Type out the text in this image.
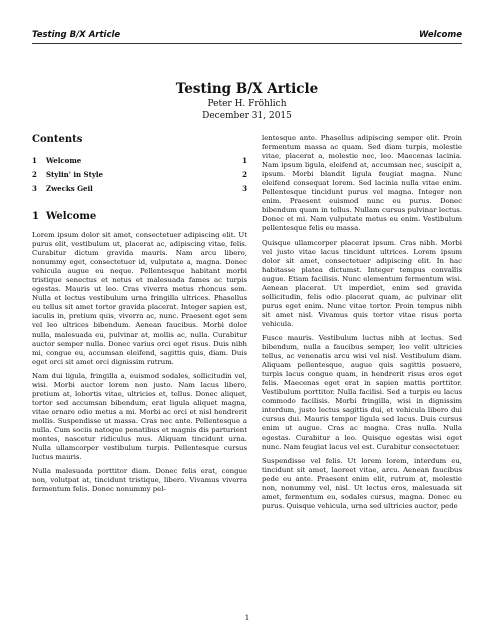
Testing B/X Article	Welcome
Testing B/X Article
Peter H. Fröhlich
December 31, 2015
Contents
1 Welcome	1
2 Stylin' in Style	2
3 Zwecks Geil	3
1 Welcome

Lorem ipsum dolor sit amet, consectetuer adipiscing elit. Ut purus elit, vestibulum ut, placerat ac, adipiscing vitae, felis. Curabitur dictum gravida mauris. Nam arcu libero, nonummy eget, consectetuer id, vulputate a, magna. Donec vehicula augue eu neque. Pellentesque habitant morbi tristique senectus et netus et malesuada fames ac turpis egestas. Mauris ut leo. Cras viverra metus rhoncus sem. Nulla et lectus vestibulum urna fringilla ultrices. Phasellus eu tellus sit amet tortor gravida placerat. Integer sapien est, iaculis in, pretium quis, viverra ac, nunc. Praesent eget sem vel leo ultrices bibendum. Aenean faucibus. Morbi dolor nulla, malesuada eu, pulvinar at, mollis ac, nulla. Curabitur auctor semper nulla. Donec varius orci eget risus. Duis nibh mi, congue eu, accumsan eleifend, sagittis quis, diam. Duis eget orci sit amet orci dignissim rutrum.

Nam dui ligula, fringilla a, euismod sodales, sollicitudin vel, wisi. Morbi auctor lorem non justo. Nam lacus libero, pretium at, lobortis vitae, ultricies et, tellus. Donec aliquet, tortor sed accumsan bibendum, erat ligula aliquet magna, vitae ornare odio metus a mi. Morbi ac orci et nisl hendrerit mollis. Suspendisse ut massa. Cras nec ante. Pellentesque a nulla. Cum sociis natoque penatibus et magnis dis parturient montes, nascetur ridiculus mus. Aliquam tincidunt urna. Nulla ullamcorper vestibulum turpis. Pellentesque cursus luctus mauris.

Nulla malesuada porttitor diam. Donec felis erat, congue non, volutpat at, tincidunt tristique, libero. Vivamus viverra fermentum felis. Donec nonummy pel-

lentesque ante. Phasellus adipiscing semper elit. Proin fermentum massa ac quam. Sed diam turpis, molestie vitae, placerat a, molestie nec, leo. Maecenas lacinia. Nam ipsum ligula, eleifend at, accumsan nec, suscipit a, ipsum. Morbi blandit ligula feugiat magna. Nunc eleifend consequat lorem. Sed lacinia nulla vitae enim. Pellentesque tincidunt purus vel magna. Integer non enim. Praesent euismod nunc eu purus. Donec bibendum quam in tellus. Nullam cursus pulvinar lectus. Donec et mi. Nam vulputate metus eu enim. Vestibulum pellentesque felis eu massa.

Quisque ullamcorper placerat ipsum. Cras nibh. Morbi vel justo vitae lacus tincidunt ultrices. Lorem ipsum dolor sit amet, consectetuer adipiscing elit. In hac habitasse platea dictumst. Integer tempus convallis augue. Etiam facilisis. Nunc elementum fermentum wisi. Aenean placerat. Ut imperdiet, enim sed gravida sollicitudin, felis odio placerat quam, ac pulvinar elit purus eget enim. Nunc vitae tortor. Proin tempus nibh sit amet nisl. Vivamus quis tortor vitae risus porta vehicula.

Fusce mauris. Vestibulum luctus nibh at lectus. Sed bibendum, nulla a faucibus semper, leo velit ultricies tellus, ac venenatis arcu wisi vel nisl. Vestibulum diam. Aliquam pellentesque, augue quis sagittis posuere, turpis lacus congue quam, in hendrerit risus eros eget felis. Maecenas eget erat in sapien mattis porttitor. Vestibulum porttitor. Nulla facilisi. Sed a turpis eu lacus commodo facilisis. Morbi fringilla, wisi in dignissim interdum, justo lectus sagittis dui, et vehicula libero dui cursus dui. Mauris tempor ligula sed lacus. Duis cursus enim ut augue. Cras ac magna. Cras nulla. Nulla egestas. Curabitur a leo. Quisque egestas wisi eget nunc. Nam feugiat lacus vel est. Curabitur consectetuer.

Suspendisse vel felis. Ut lorem lorem, interdum eu, tincidunt sit amet, laoreet vitae, arcu. Aenean faucibus pede eu ante. Praesent enim elit, rutrum at, molestie non, nonummy vel, nisl. Ut lectus eros, malesuada sit amet, fermentum eu, sodales cursus, magna. Donec eu purus. Quisque vehicula, urna sed ultricies auctor, pede

1
